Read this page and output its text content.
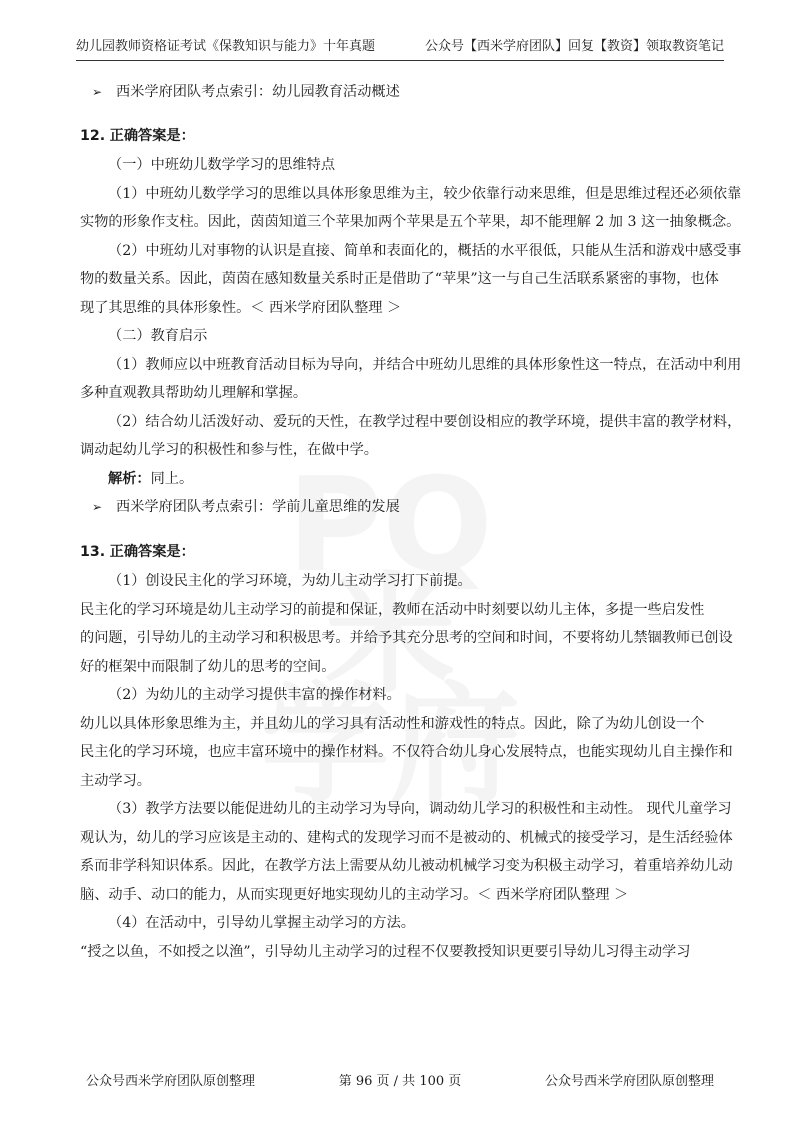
幼儿园教师资格证考试《保教知识与能力》十年真题	公众号【西米学府团队】回复【教资】领取教资笔记
➢ 西米学府团队考点索引：幼儿园教育活动概述
12. 正确答案是：
（一）中班幼儿数学学习的思维特点
（1）中班幼儿数学学习的思维以具体形象思维为主，较少依靠行动来思维，但是思维过程还必须依靠
实物的形象作支柱。因此，茵茵知道三个苹果加两个苹果是五个苹果，却不能理解 2 加 3 这一抽象概念。
（2）中班幼儿对事物的认识是直接、简单和表面化的，概括的水平很低，只能从生活和游戏中感受事
物的数量关系。因此，茵茵在感知数量关系时正是借助了“苹果”这一与自己生活联系紧密的事物，也体
现了其思维的具体形象性。＜ 西米学府团队整理 ＞
（二）教育启示
（1）教师应以中班教育活动目标为导向，并结合中班幼儿思维的具体形象性这一特点，在活动中利用
多种直观教具帮助幼儿理解和掌握。
（2）结合幼儿活泼好动、爱玩的天性，在教学过程中要创设相应的教学环境，提供丰富的教学材料，
调动起幼儿学习的积极性和参与性，在做中学。
解析：同上。
➢ 西米学府团队考点索引：学前儿童思维的发展
13. 正确答案是：
（1）创设民主化的学习环境，为幼儿主动学习打下前提。
民主化的学习环境是幼儿主动学习的前提和保证，教师在活动中时刻要以幼儿主体，多提一些启发性
的问题，引导幼儿的主动学习和积极思考。并给予其充分思考的空间和时间，不要将幼儿禁锢教师已创设
好的框架中而限制了幼儿的思考的空间。
（2）为幼儿的主动学习提供丰富的操作材料。
幼儿以具体形象思维为主，并且幼儿的学习具有活动性和游戏性的特点。因此，除了为幼儿创设一个
民主化的学习环境，也应丰富环境中的操作材料。不仅符合幼儿身心发展特点，也能实现幼儿自主操作和
主动学习。
（3）教学方法要以能促进幼儿的主动学习为导向，调动幼儿学习的积极性和主动性。 现代儿童学习
观认为，幼儿的学习应该是主动的、建构式的发现学习而不是被动的、机械式的接受学习，是生活经验体
系而非学科知识体系。因此，在教学方法上需要从幼儿被动机械学习变为积极主动学习，着重培养幼儿动
脑、动手、动口的能力，从而实现更好地实现幼儿的主动学习。＜ 西米学府团队整理 ＞
（4）在活动中，引导幼儿掌握主动学习的方法。
“授之以鱼，不如授之以渔”，引导幼儿主动学习的过程不仅要教授知识更要引导幼儿习得主动学习
公众号西米学府团队原创整理	第 96 页 / 共 100 页	公众号西米学府团队原创整理
